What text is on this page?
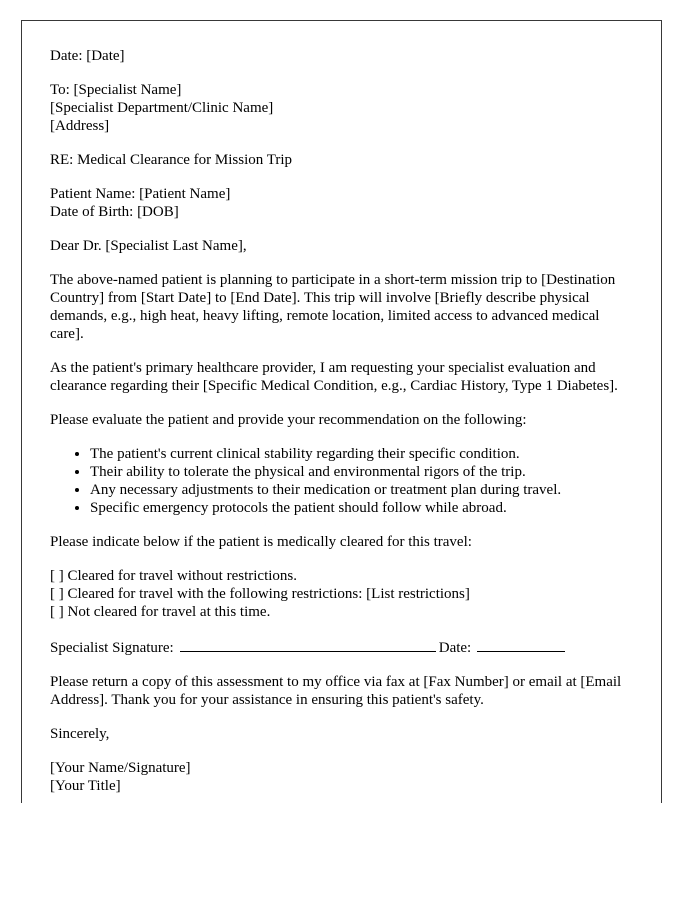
Date: [Date]
To: [Specialist Name]
[Specialist Department/Clinic Name]
[Address]
RE: Medical Clearance for Mission Trip
Patient Name: [Patient Name]
Date of Birth: [DOB]
Dear Dr. [Specialist Last Name],

The above-named patient is planning to participate in a short-term mission trip to [Destination Country] from [Start Date] to [End Date]. This trip will involve [Briefly describe physical demands, e.g., high heat, heavy lifting, remote location, limited access to advanced medical care].

As the patient's primary healthcare provider, I am requesting your specialist evaluation and clearance regarding their [Specific Medical Condition, e.g., Cardiac History, Type 1 Diabetes].

Please evaluate the patient and provide your recommendation on the following:

• The patient's current clinical stability regarding their specific condition.
• Their ability to tolerate the physical and environmental rigors of the trip.
• Any necessary adjustments to their medication or treatment plan during travel.
• Specific emergency protocols the patient should follow while abroad.

Please indicate below if the patient is medically cleared for this travel:

[ ] Cleared for travel without restrictions.
[ ] Cleared for travel with the following restrictions: [List restrictions]
[ ] Not cleared for travel at this time.
Specialist Signature:	Date:

Please return a copy of this assessment to my office via fax at [Fax Number] or email at [Email Address]. Thank you for your assistance in ensuring this patient's safety.

Sincerely,
[Your Name/Signature]
[Your Title]
